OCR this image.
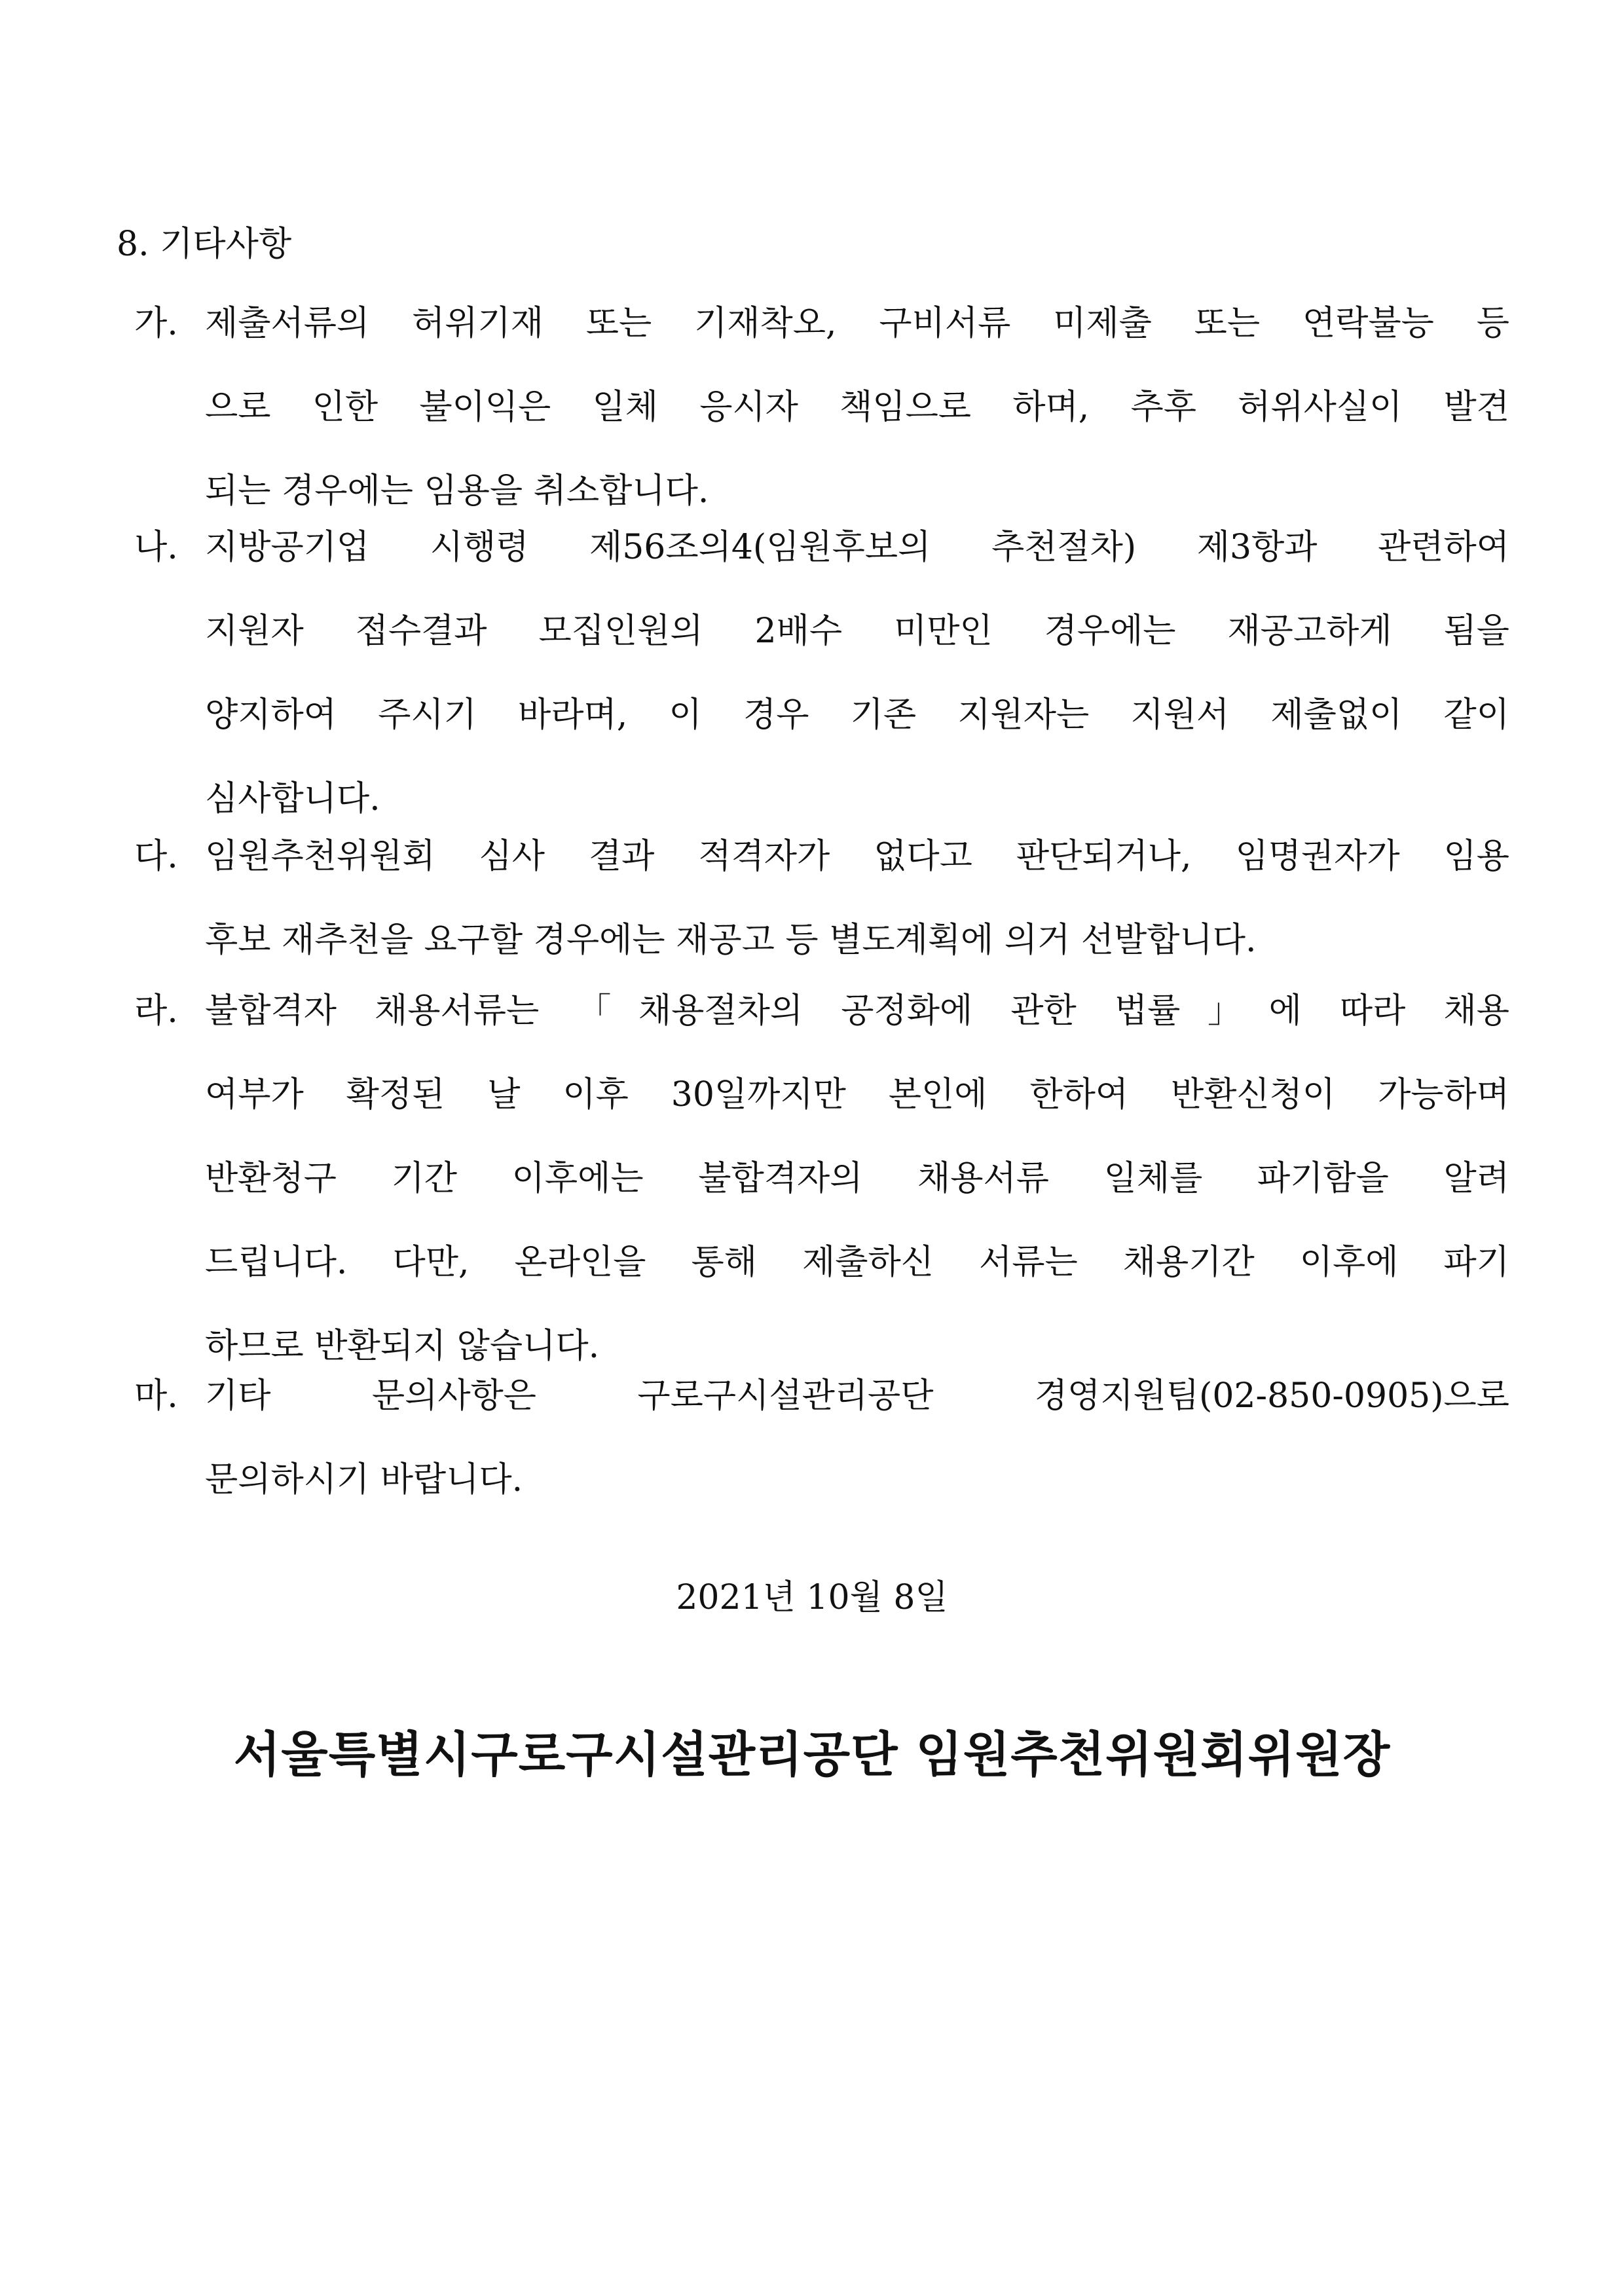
8. 기타사항
가. 제출서류의 허위기재 또는 기재착오, 구비서류 미제출 또는 연락불능 등
으로 인한 불이익은 일체 응시자 책임으로 하며, 추후 허위사실이 발견
되는 경우에는 임용을 취소합니다.
나. 지방공기업 시행령 제56조의4(임원후보의 추천절차) 제3항과 관련하여
지원자 접수결과 모집인원의 2배수 미만인 경우에는 재공고하게 됨을
양지하여 주시기 바라며, 이 경우 기존 지원자는 지원서 제출없이 같이
심사합니다.
다. 임원추천위원회 심사 결과 적격자가 없다고 판단되거나, 임명권자가 임용
후보 재추천을 요구할 경우에는 재공고 등 별도계획에 의거 선발합니다.
라. 불합격자 채용서류는 「채용절차의 공정화에 관한 법률」에 따라 채용
여부가 확정된 날 이후 30일까지만 본인에 한하여 반환신청이 가능하며
반환청구 기간 이후에는 불합격자의 채용서류 일체를 파기함을 알려
드립니다. 다만, 온라인을 통해 제출하신 서류는 채용기간 이후에 파기
하므로 반환되지 않습니다.
마. 기타 문의사항은 구로구시설관리공단 경영지원팀(02-850-0905)으로
문의하시기 바랍니다.
2021년 10월 8일
서울특별시구로구시설관리공단 임원추천위원회위원장
